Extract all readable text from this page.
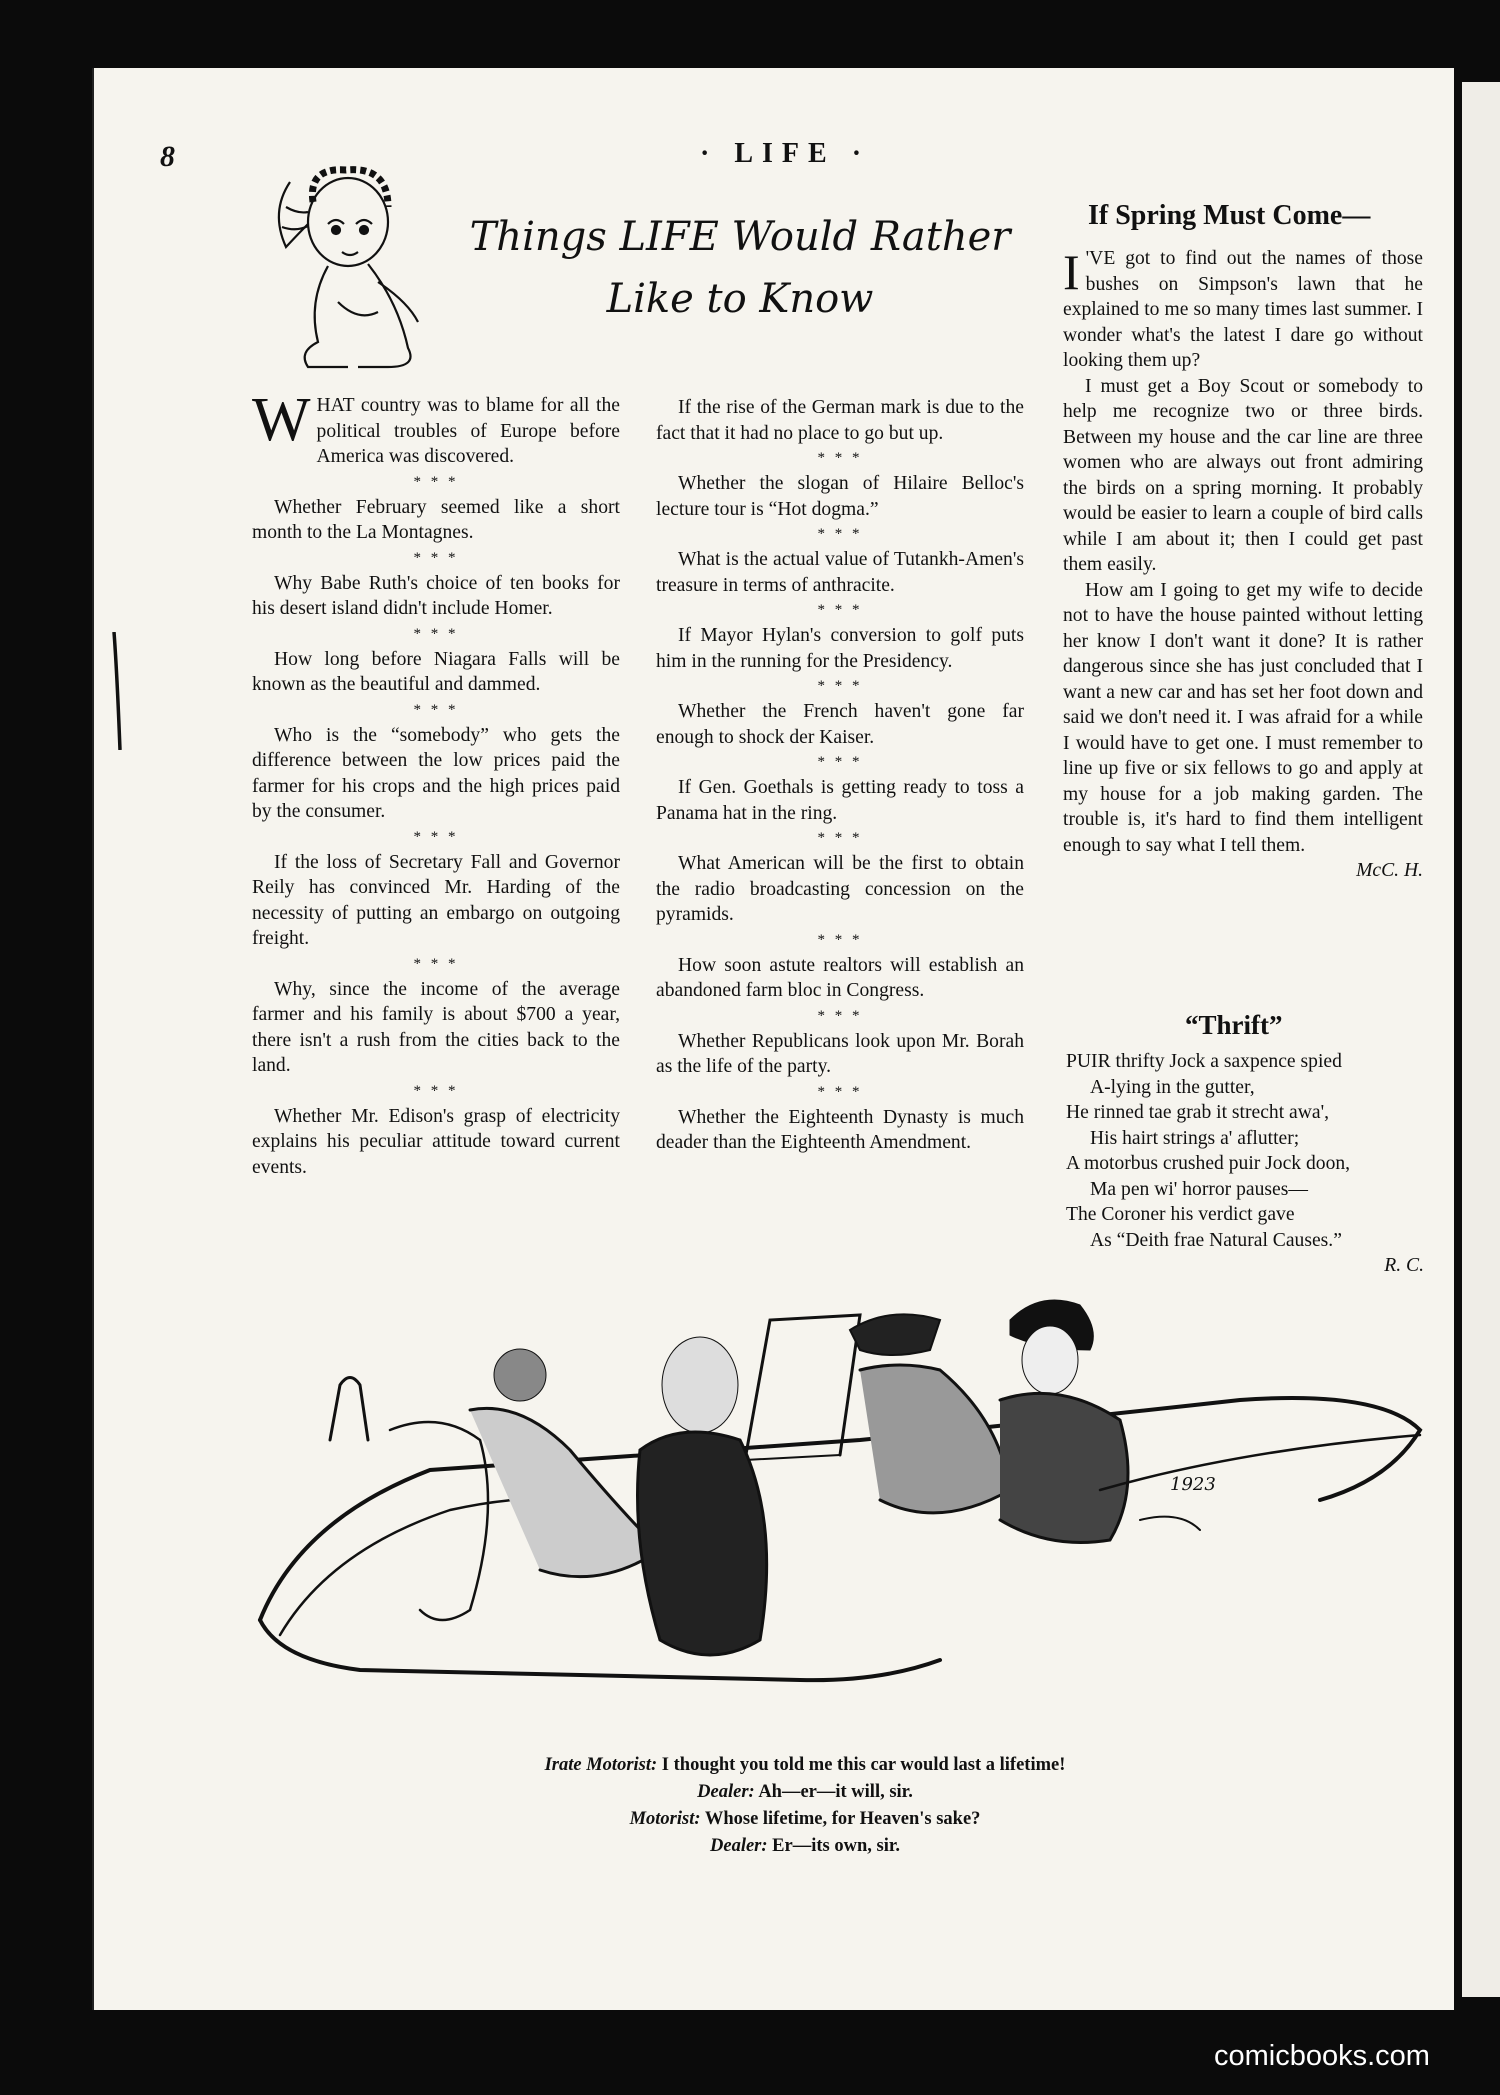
8	· LIFE ·
Things LIFE Would Rather
Like to Know

WHAT country was to blame for all the political troubles of Europe before America was discovered.

* * *

Whether February seemed like a short month to the La Montagnes.

* * *

Why Babe Ruth's choice of ten books for his desert island didn't include Homer.

* * *

How long before Niagara Falls will be known as the beautiful and dammed.

* * *

Who is the “somebody” who gets the difference between the low prices paid the farmer for his crops and the high prices paid by the consumer.

* * *

If the loss of Secretary Fall and Governor Reily has convinced Mr. Harding of the necessity of putting an embargo on outgoing freight.

* * *

Why, since the income of the average farmer and his family is about $700 a year, there isn't a rush from the cities back to the land.

* * *

Whether Mr. Edison's grasp of electricity explains his peculiar attitude toward current events.

If the rise of the German mark is due to the fact that it had no place to go but up.

* * *

Whether the slogan of Hilaire Belloc's lecture tour is “Hot dogma.”

* * *

What is the actual value of Tutankh-Amen's treasure in terms of anthracite.

* * *

If Mayor Hylan's conversion to golf puts him in the running for the Presidency.

* * *

Whether the French haven't gone far enough to shock der Kaiser.

* * *

If Gen. Goethals is getting ready to toss a Panama hat in the ring.

* * *

What American will be the first to obtain the radio broadcasting concession on the pyramids.

* * *

How soon astute realtors will establish an abandoned farm bloc in Congress.

* * *

Whether Republicans look upon Mr. Borah as the life of the party.

* * *

Whether the Eighteenth Dynasty is much deader than the Eighteenth Amendment.

If Spring Must Come—

I 'VE got to find out the names of those bushes on Simpson's lawn that he explained to me so many times last summer. I wonder what's the latest I dare go without looking them up?

I must get a Boy Scout or somebody to help me recognize two or three birds. Between my house and the car line are three women who are always out front admiring the birds on a spring morning. It probably would be easier to learn a couple of bird calls while I am about it; then I could get past them easily.

How am I going to get my wife to decide not to have the house painted without letting her know I don't want it done? It is rather dangerous since she has just concluded that I want a new car and has set her foot down and said we don't need it. I was afraid for a while I would have to get one. I must remember to line up five or six fellows to go and apply at my house for a job making garden. The trouble is, it's hard to find them intelligent enough to say what I tell them.

McC. H.
“Thrift”
PUIR thrifty Jock a saxpence spied
A-lying in the gutter,
He rinned tae grab it strecht awa',
His hairt strings a' aflutter;
A motorbus crushed puir Jock doon,
Ma pen wi' horror pauses—
The Coroner his verdict gave
As “Deith frae Natural Causes.”
R. C.
1923
Irate Motorist: I thought you told me this car would last a lifetime!
Dealer: Ah—er—it will, sir.
Motorist: Whose lifetime, for Heaven's sake?
Dealer: Er—its own, sir.
comicbooks.com
